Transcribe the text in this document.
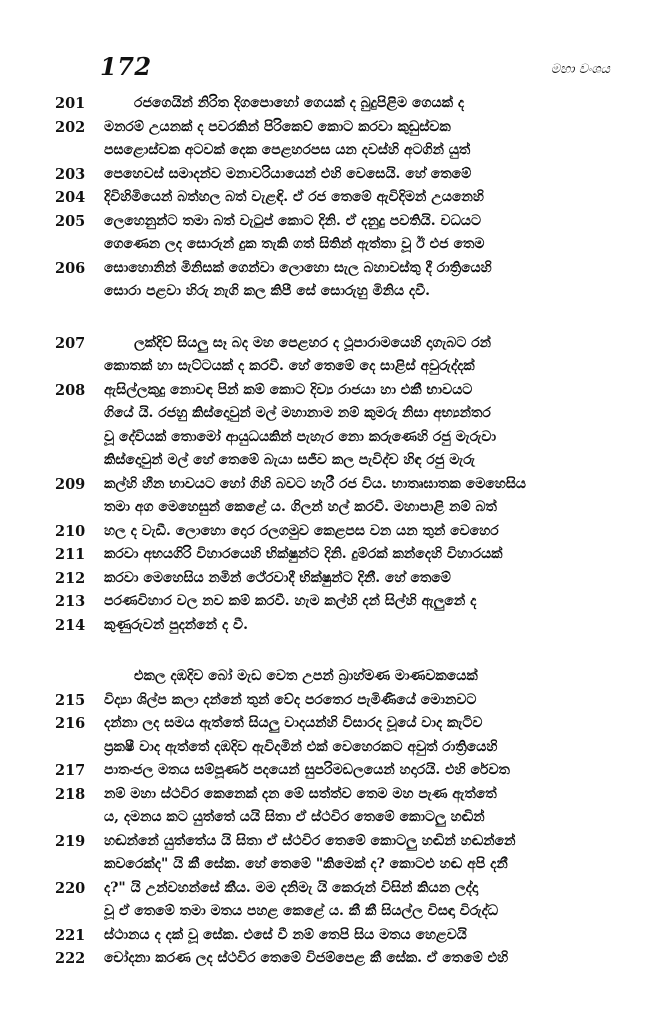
172	මහා වංශය
201	රජගෙයින් නිරිත දිගපොහෝ ගෙයක් ද බුදුපිළිම ගෙයක් ද
202	මනරම් උයනක් ද පවරකින් පිරිකෙව් කොට කරවා කුඩුස්වක
පසළොස්වක අටවක් දෙක පෙළහරපස යන දවස්හි අටගින් යුත්
203	පෙහෙවස් සමාදන්ව මනාවරියායෙන් එහි වෙසෙයි. හේ තෙමේ
204	දිවිහිමියෙන් බත්හල බත් වැළඳි. ඒ රජ තෙමේ ඇවිදිමන් උයනෙහි
205	ලෙහෙනුන්ට තමා බත් වැටුප් කොට දිනි. ඒ දනුදු පවතියි. වධයට
ගෙණෙන ලද සොරුන් දුක තැකි ගත් සිතින් ඇත්තා වූ ඊ එජ තෙම
206	සොහොනින් මිනිසක් ගෙන්වා ලොහො සැල බහාවස්තු දී රාත්‍රියෙහි
සොරා පළවා හිරු නැගි කල කිපී සේ සොරුහු මිනිය දවී.
207	ලක්දිව් සියලු සෑ බද මහ පෙළහර ද ථූපාරාමයෙහි දාගැබට රන්
කොතක් හා සැට්ටයක් ද කරවී. හේ තෙමේ දෙ සාළිස් අවුරුද්දක්
208	ඇසිල්ලකුදු නොවඳ පින් කම් කොට දිව්‍ය රාජයා හා එකී භාවයට
ගියේ යි. රජහු කිස්දොවුන් මල් මහානාම නම් කුමරු නිසා අභ්‍යන්තර
වූ දේවියක් තොමෝ ආයුධයකින් පැහැර නො කරුණෙහි රජු මැරුවා
කිස්දොවුන් මල් හේ තෙමේ බැයා සජීව කල පැවිද්ව හිඳ රජු මැරු
209	කල්හි හීන භාවයට හෝ ගිහි බවට හැරී රජ විය. භාතෘඝාතක මෙහෙසිය
තමා අග මෙහෙසුන් කෙළේ ය. ගිලන් හල් කරවී. මහාපාළි නම් බත්
210	හල ද වැඩී. ලොහො දොර රලගමුව කෙළපස වන යන තුන් වෙහෙර
211	කරවා අභයගිරි විහාරයෙහි භික්ෂුන්ට දිනි. දුම්රක් කන්දෙහි විහාරයක්
212	කරවා මෙහෙසිය නමින් ථේරවාදී භික්ෂුන්ට දිනී. හේ තෙමේ
213	පරණවිහාර වල නව කම් කරවී. හැම කල්හි දන් සිල්හි ඇලුනේ ද
214	කුණුරුවන් පුදන්නේ ද වී.
එකල දඹදිව බෝ මැඩ වෙත උපන් බ්‍රාහ්මණ මාණවකයෙක්
215	විද්‍යා ශිල්ප කලා දන්නේ තුන් වේද පරතෙර පැමිණියේ මොනවට
216	දන්නා ලද සමය ඇත්තේ සියලු වාදයන්හි විසාරද වූයේ වාද කැටිව
ප්‍රකෂී වාද ඇත්තේ දඹදිව ඇවිදමින් එක් වෙහෙරකට අවුත් රාත්‍රියෙහි
217	පාතංජල මතය සම්පූර්ණ පදයෙන් සුපරිමඩලයෙන් හදාරයි. එහි රේවත
218	නම් මහා ස්ථවිර කෙනෙක් දන මේ සත්ත්ව තෙම මහ පැණ ඇත්තේ
ය, දමනය කට යුත්තේ යයි සිතා ඒ ස්ථවිර තෙමේ කොටලු හඬින්
219	හඬන්නේ යුත්තේය යි සිතා ඒ ස්ථවිර තෙමේ කොටලු හඬින් හඬන්නේ
කවරෙක්ද" යි කී සේක. හේ තෙමේ "කිමෙක් ද? කොටළු හඬ අපි දනී
220	ද?" යි උන්වහන්සේ කීය. මම දනිමැ යි කෙරුන් විසින් කියන ලද්දා
වූ ඒ තෙමේ තමා මතය පහළ කෙළේ ය. කී කී සියල්ල විසඳා විරුද්ධ
221	ස්ථානය ද දක් වූ සේක. එසේ වී නම් තෙපි සිය මතය හෙළවයි
222	චෝදනා කරණ ලද ස්ථවිර තෙමේ විජම්පෙළ කී සේක. ඒ තෙමේ එහි
